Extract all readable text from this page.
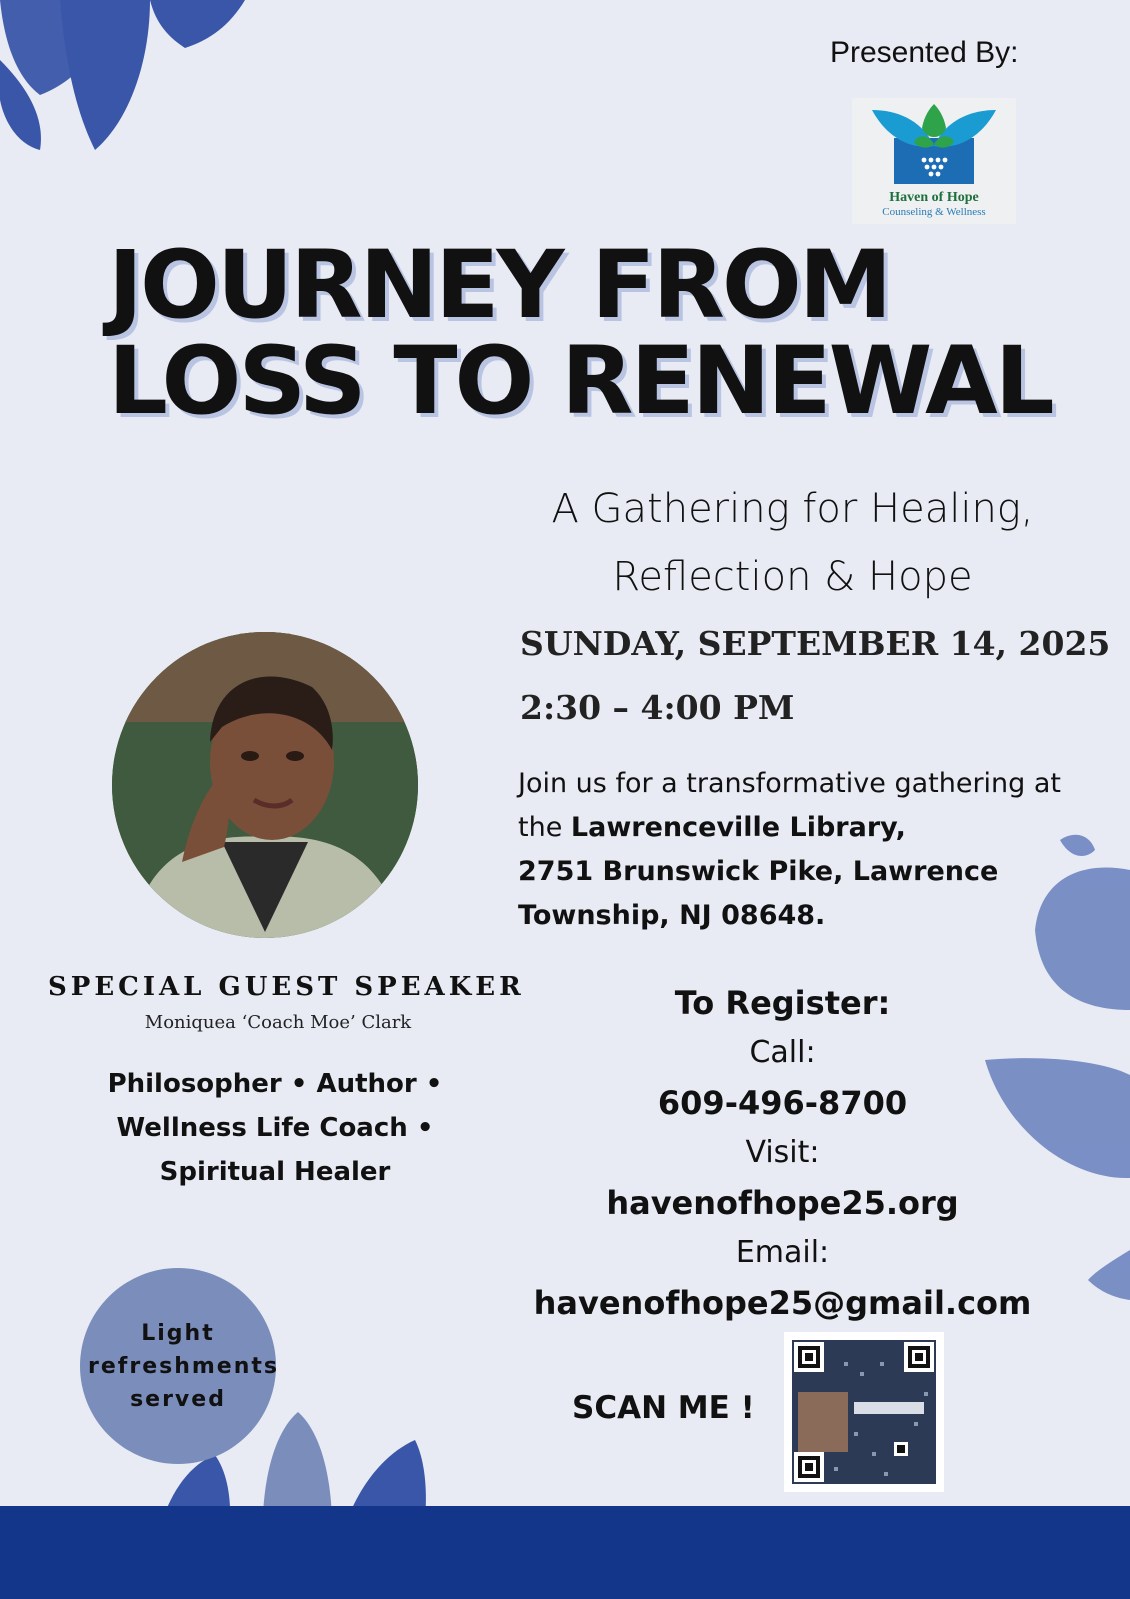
Presented By:
Haven of Hope
Counseling & Wellness
JOURNEY FROM
LOSS TO RENEWAL
A Gathering for Healing,
Reflection & Hope
SUNDAY, SEPTEMBER 14, 2025
2:30 – 4:00 PM
Join us for a transformative gathering at the Lawrenceville Library,
2751 Brunswick Pike, Lawrence Township, NJ 08648.
SPECIAL GUEST SPEAKER
Moniquea ‘Coach Moe’ Clark
Philosopher • Author •
Wellness Life Coach •
Spiritual Healer
Light refreshments served
To Register:
Call:
609-496-8700
Visit:
havenofhope25.org
Email:
havenofhope25@gmail.com
SCAN ME !
